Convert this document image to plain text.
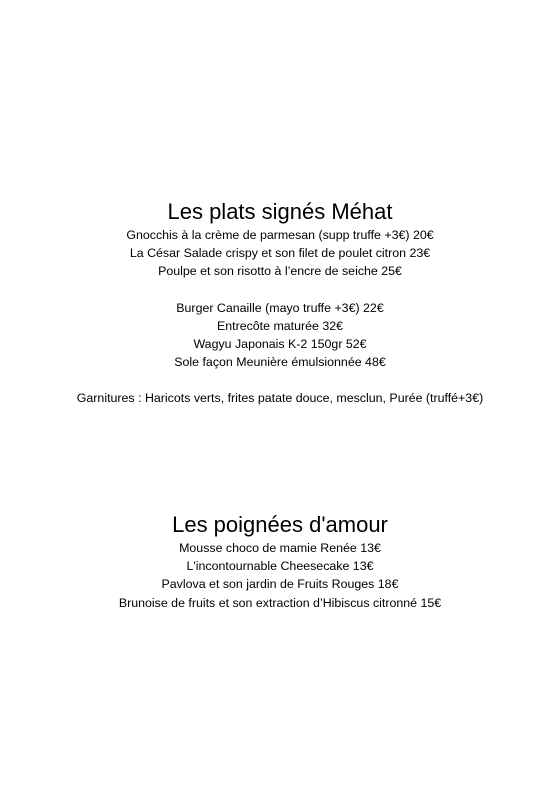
Les plats signés Méhat
Gnocchis à la crème de parmesan (supp truffe +3€) 20€
La César Salade crispy et son filet de poulet citron 23€
Poulpe et son risotto à l’encre de seiche 25€
Burger Canaille (mayo truffe +3€) 22€
Entrecôte maturée 32€
Wagyu Japonais K-2 150gr 52€
Sole façon Meunière émulsionnée 48€
Garnitures : Haricots verts, frites patate douce, mesclun, Purée (truffé+3€)
Les poignées d'amour
Mousse choco de mamie Renée 13€
L'incontournable Cheesecake 13€
Pavlova et son jardin de Fruits Rouges 18€
Brunoise de fruits et son extraction d’Hibiscus citronné 15€
